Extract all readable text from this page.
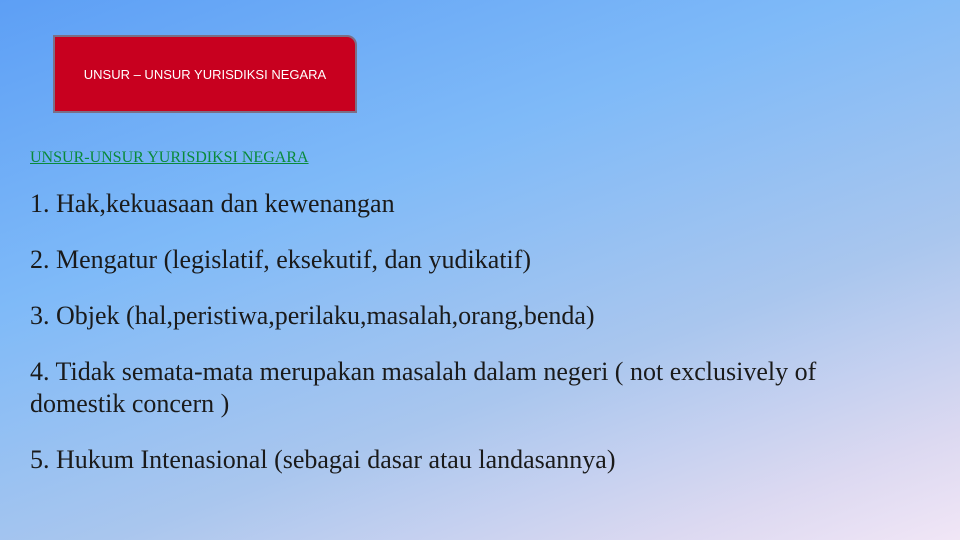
UNSUR – UNSUR YURISDIKSI NEGARA
UNSUR-UNSUR YURISDIKSI NEGARA
1. Hak,kekuasaan dan kewenangan
2. Mengatur (legislatif, eksekutif, dan yudikatif)
3. Objek (hal,peristiwa,perilaku,masalah,orang,benda)
4. Tidak semata-mata merupakan masalah dalam negeri ( not exclusively of domestik concern )
5. Hukum Intenasional (sebagai dasar atau landasannya)
